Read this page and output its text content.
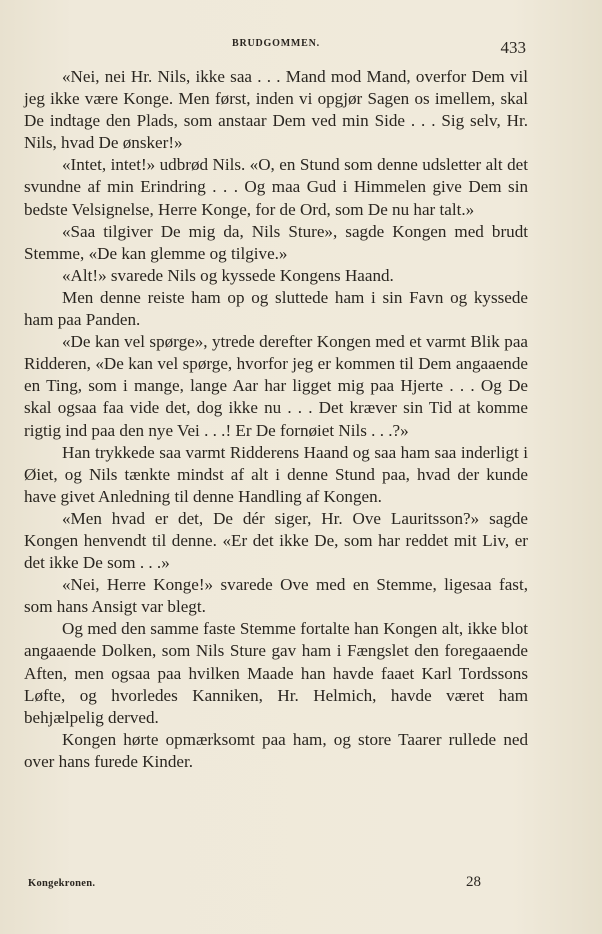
BRUDGOMMEN.	433

«Nei, nei Hr. Nils, ikke saa . . . Mand mod Mand, overfor Dem vil jeg ikke være Konge. Men først, inden vi opgjør Sagen os imellem, skal De indtage den Plads, som anstaar Dem ved min Side . . . Sig selv, Hr. Nils, hvad De ønsker!»

«Intet, intet!» udbrød Nils. «O, en Stund som denne udsletter alt det svundne af min Erindring . . . Og maa Gud i Himmelen give Dem sin bedste Velsignelse, Herre Konge, for de Ord, som De nu har talt.»

«Saa tilgiver De mig da, Nils Sture», sagde Kongen med brudt Stemme, «De kan glemme og tilgive.»

«Alt!» svarede Nils og kyssede Kongens Haand.

Men denne reiste ham op og sluttede ham i sin Favn og kyssede ham paa Panden.

«De kan vel spørge», ytrede derefter Kongen med et varmt Blik paa Ridderen, «De kan vel spørge, hvorfor jeg er kommen til Dem angaaende en Ting, som i mange, lange Aar har ligget mig paa Hjerte . . . Og De skal ogsaa faa vide det, dog ikke nu . . . Det kræver sin Tid at komme rigtig ind paa den nye Vei . . .! Er De fornøiet Nils . . .?»

Han trykkede saa varmt Ridderens Haand og saa ham saa inderligt i Øiet, og Nils tænkte mindst af alt i denne Stund paa, hvad der kunde have givet Anledning til denne Handling af Kongen.

«Men hvad er det, De dér siger, Hr. Ove Lauritsson?» sagde Kongen henvendt til denne. «Er det ikke De, som har reddet mit Liv, er det ikke De som . . .»

«Nei, Herre Konge!» svarede Ove med en Stemme, ligesaa fast, som hans Ansigt var blegt.

Og med den samme faste Stemme fortalte han Kongen alt, ikke blot angaaende Dolken, som Nils Sture gav ham i Fængslet den foregaaende Aften, men ogsaa paa hvilken Maade han havde faaet Karl Tordssons Løfte, og hvorledes Kanniken, Hr. Helmich, havde været ham behjælpelig derved.

Kongen hørte opmærksomt paa ham, og store Taarer rullede ned over hans furede Kinder.

Kongekronen.	28
